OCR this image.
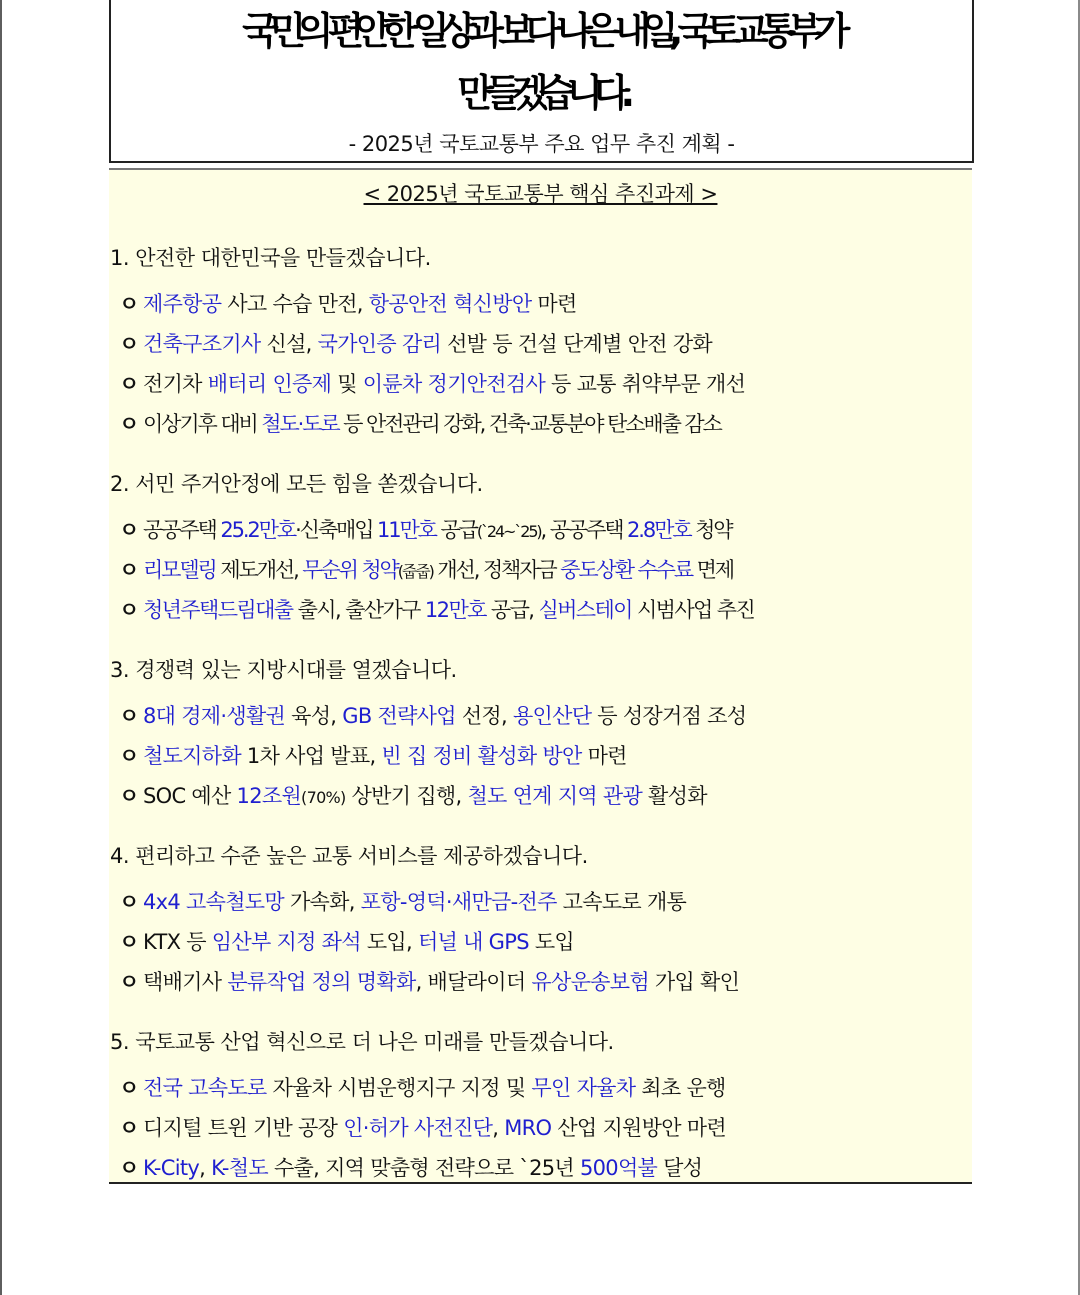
국민의 편안한 일상과 보다 나은 내일, 국토교통부가
만들겠습니다.
- 2025년 국토교통부 주요 업무 추진 계획 -
< 2025년 국토교통부 핵심 추진과제 >
1. 안전한 대한민국을 만들겠습니다.
ㅇ 제주항공 사고 수습 만전, 항공안전 혁신방안 마련
ㅇ 건축구조기사 신설, 국가인증 감리 선발 등 건설 단계별 안전 강화
ㅇ 전기차 배터리 인증제 및 이륜차 정기안전검사 등 교통 취약부문 개선
ㅇ 이상기후 대비 철도·도로 등 안전관리 강화, 건축·교통분야 탄소배출 감소
2. 서민 주거안정에 모든 힘을 쏟겠습니다.
ㅇ 공공주택 25.2만호·신축매입 11만호 공급(`24~`25), 공공주택 2.8만호 청약
ㅇ 리모델링 제도개선, 무순위 청약(줍줍) 개선, 정책자금 중도상환 수수료 면제
ㅇ 청년주택드림대출 출시, 출산가구 12만호 공급, 실버스테이 시범사업 추진
3. 경쟁력 있는 지방시대를 열겠습니다.
ㅇ 8대 경제·생활권 육성, GB 전략사업 선정, 용인산단 등 성장거점 조성
ㅇ 철도지하화 1차 사업 발표, 빈 집 정비 활성화 방안 마련
ㅇ SOC 예산 12조원(70%) 상반기 집행, 철도 연계 지역 관광 활성화
4. 편리하고 수준 높은 교통 서비스를 제공하겠습니다.
ㅇ 4x4 고속철도망 가속화, 포항-영덕·새만금-전주 고속도로 개통
ㅇ KTX 등 임산부 지정 좌석 도입, 터널 내 GPS 도입
ㅇ 택배기사 분류작업 정의 명확화, 배달라이더 유상운송보험 가입 확인
5. 국토교통 산업 혁신으로 더 나은 미래를 만들겠습니다.
ㅇ 전국 고속도로 자율차 시범운행지구 지정 및 무인 자율차 최초 운행
ㅇ 디지털 트윈 기반 공장 인·허가 사전진단, MRO 산업 지원방안 마련
ㅇ K-City, K-철도 수출, 지역 맞춤형 전략으로 `25년 500억불 달성
